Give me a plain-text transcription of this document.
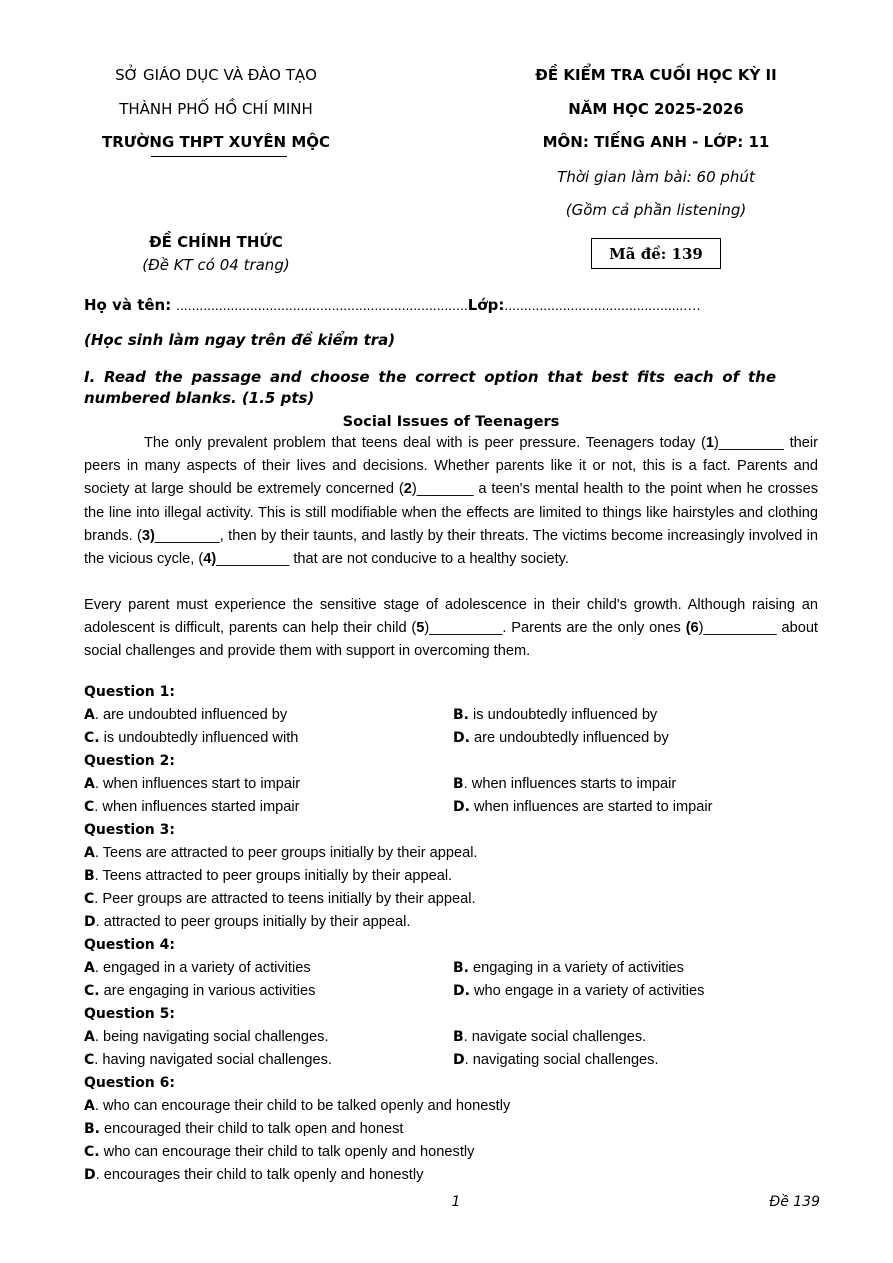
SỞ GIÁO DỤC VÀ ĐÀO TẠO
THÀNH PHỐ HỒ CHÍ MINH
TRƯỜNG THPT XUYÊN MỘC
ĐỀ KIỂM TRA CUỐI HỌC KỲ II
NĂM HỌC 2025-2026
MÔN: TIẾNG ANH - LỚP: 11
Thời gian làm bài: 60 phút
(Gồm cả phần listening)
ĐỀ CHÍNH THỨC
(Đề KT có 04 trang)
Mã đề: 139
Họ và tên: ...........................................................................Lớp:...............................................…
(Học sinh làm ngay trên đề kiểm tra)
I. Read the passage and choose the correct option that best fits each of the
numbered blanks. (1.5 pts)
Social Issues of Teenagers
The only prevalent problem that teens deal with is peer pressure. Teenagers today (1)________ their peers in many aspects of their lives and decisions. Whether parents like it or not, this is a fact. Parents and society at large should be extremely concerned (2)_______ a teen's mental health to the point when he crosses the line into illegal activity. This is still modifiable when the effects are limited to things like hairstyles and clothing brands. (3)________, then by their taunts, and lastly by their threats. The victims become increasingly involved in the vicious cycle, (4)_________ that are not conducive to a healthy society.
Every parent must experience the sensitive stage of adolescence in their child's growth. Although raising an adolescent is difficult, parents can help their child (5)_________. Parents are the only ones (6)_________ about social challenges and provide them with support in overcoming them.
Question 1:
A. are undoubted influenced by	B. is undoubtedly influenced by
C. is undoubtedly influenced with	D. are undoubtedly influenced by
Question 2:
A. when influences start to impair	B. when influences starts to impair
C. when influences started impair	D. when influences are started to impair
Question 3:
A. Teens are attracted to peer groups initially by their appeal.
B. Teens attracted to peer groups initially by their appeal.
C. Peer groups are attracted to teens initially by their appeal.
D. attracted to peer groups initially by their appeal.
Question 4:
A. engaged in a variety of activities	B. engaging in a variety of activities
C. are engaging in various activities	D. who engage in a variety of activities
Question 5:
A. being navigating social challenges.	B. navigate social challenges.
C. having navigated social challenges.	D. navigating social challenges.
Question 6:
A. who can encourage their child to be talked openly and honestly
B. encouraged their child to talk open and honest
C. who can encourage their child to talk openly and honestly
D. encourages their child to talk openly and honestly
1	Đề 139
